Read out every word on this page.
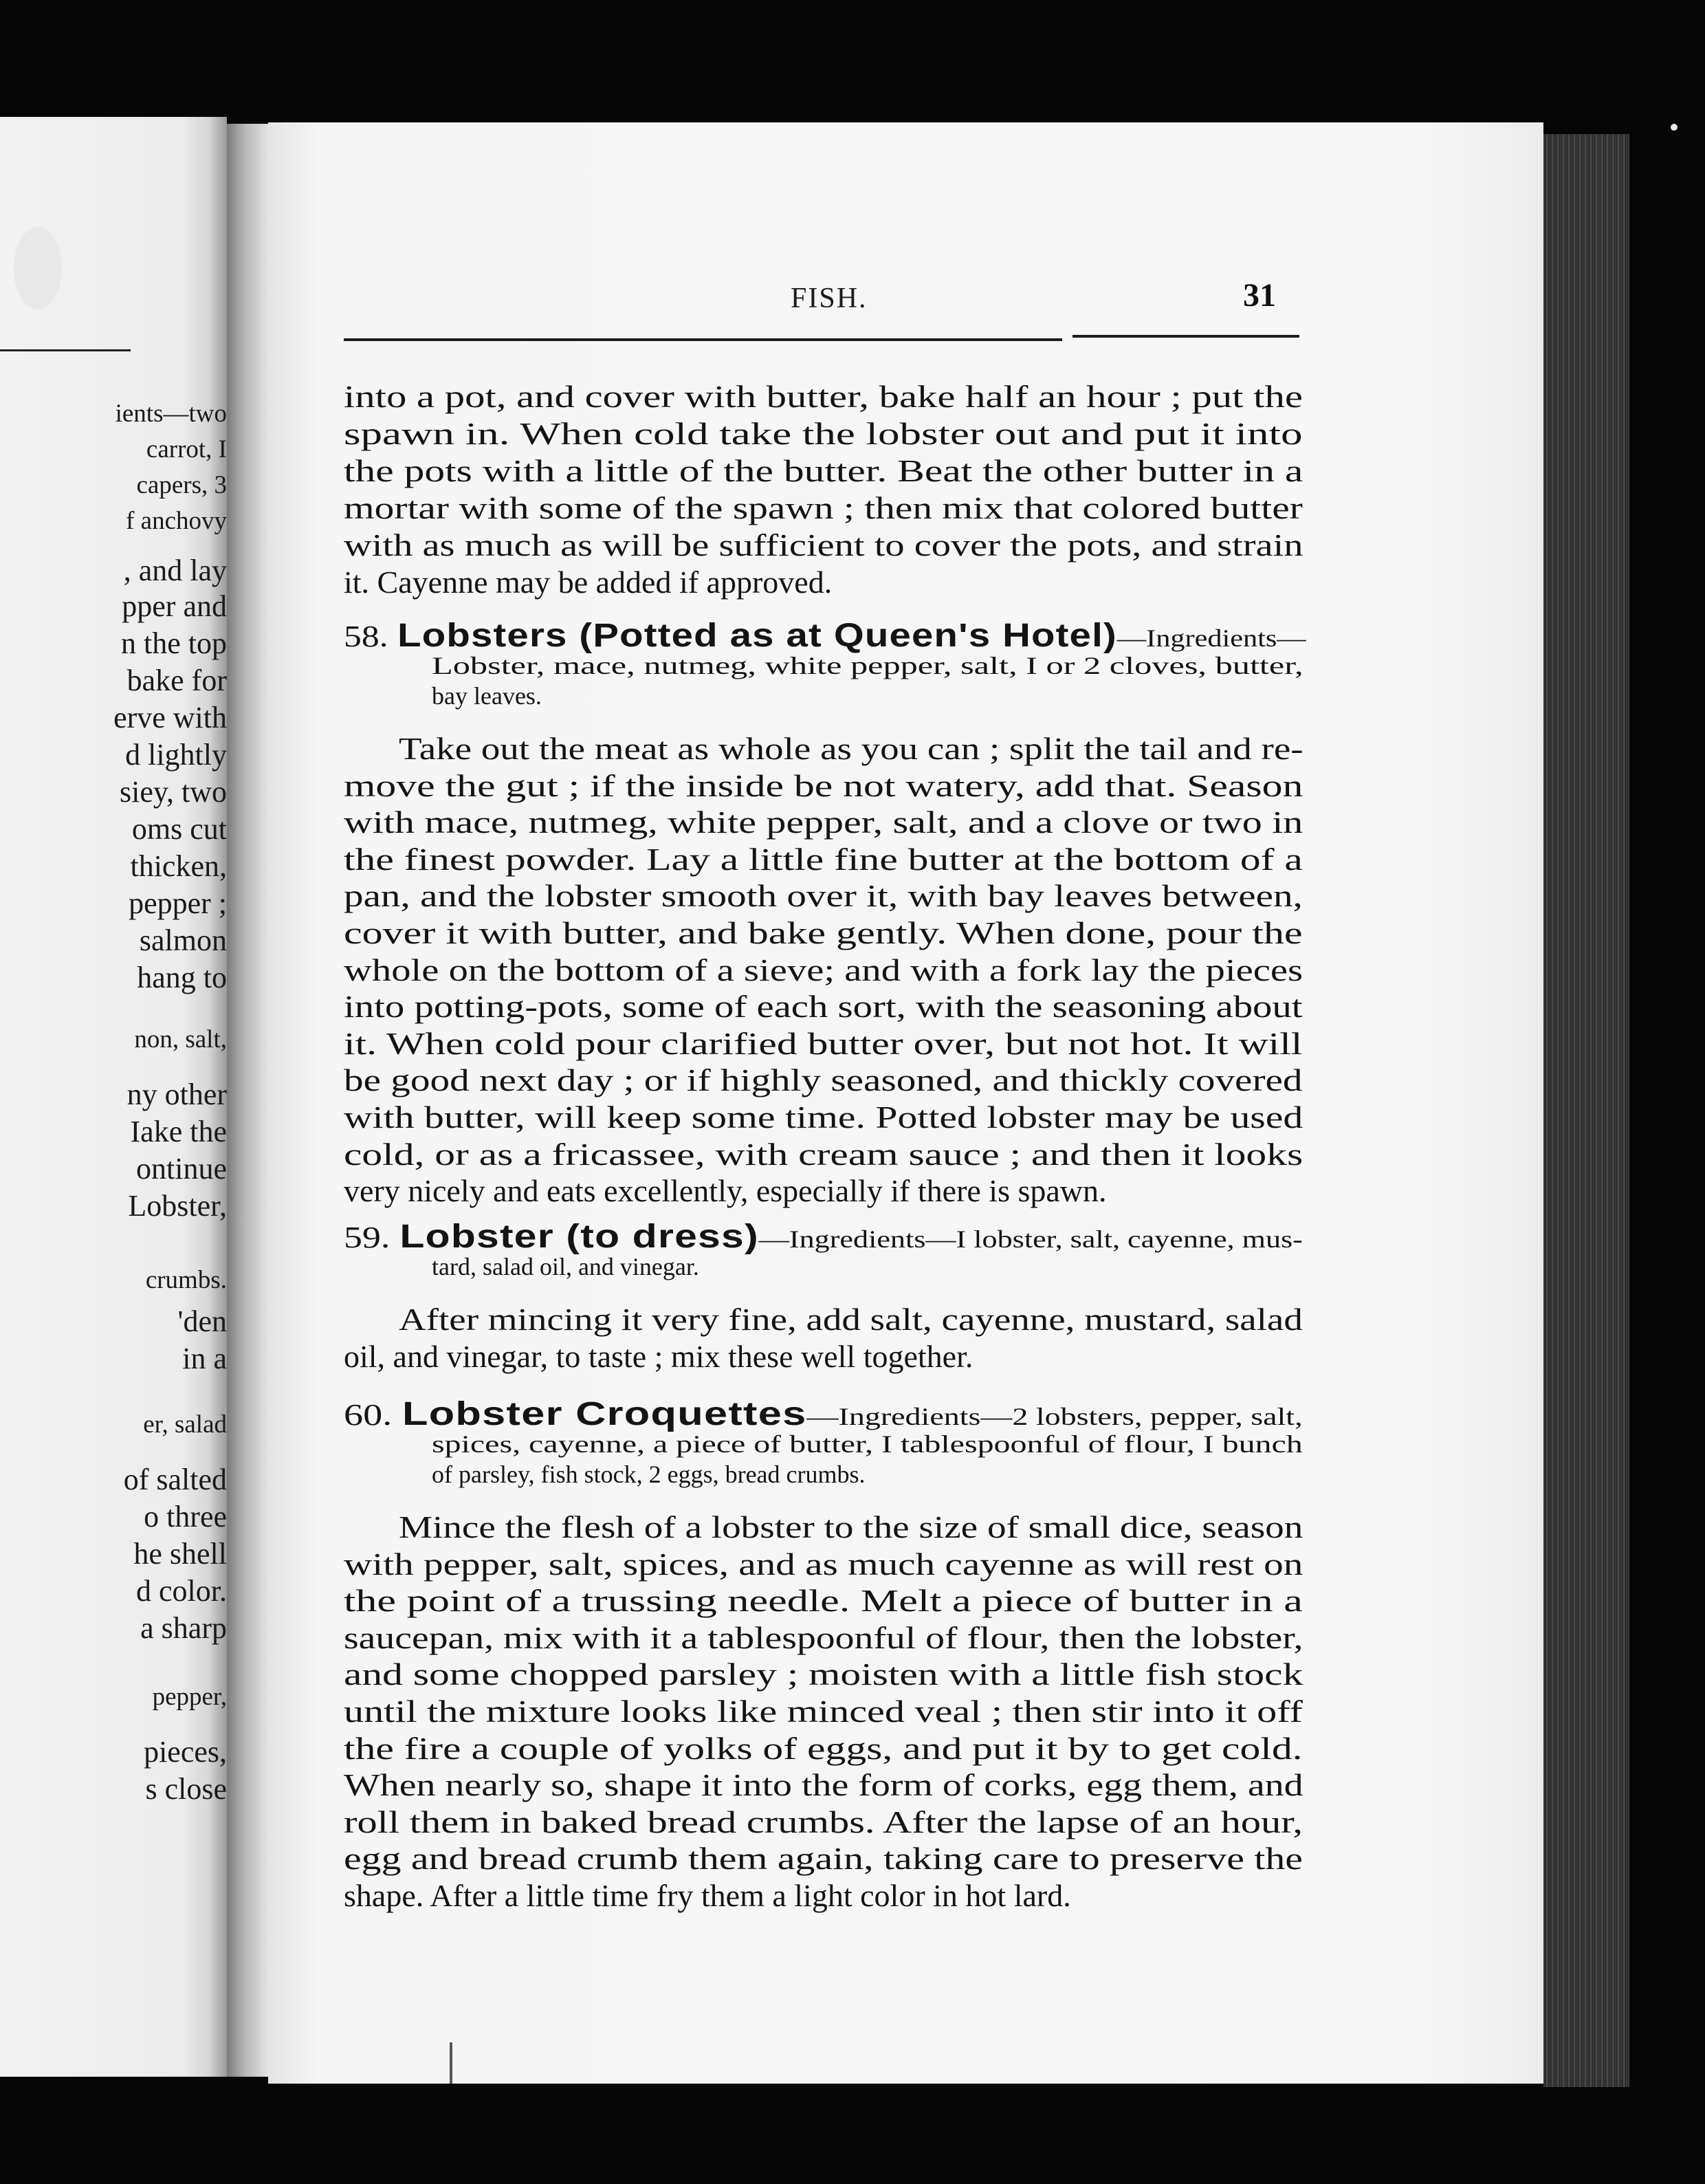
ients—two
carrot, I
capers, 3
f anchovy
, and lay
pper and
n the top
bake for
erve with
d lightly
siey, two
oms cut
thicken,
pepper ;
salmon
hang to
non, salt,
ny other
Iake the
ontinue
Lobster,
crumbs.
'den
in a
er, salad
of salted
o three
he shell
d color.
a sharp
pepper,
pieces,
s close
FISH.	31
into a pot, and cover with butter, bake half an hour ; put the
spawn in. When cold take the lobster out and put it into
the pots with a little of the butter. Beat the other butter in a
mortar with some of the spawn ; then mix that colored butter
with as much as will be sufficient to cover the pots, and strain
it. Cayenne may be added if approved.
58. Lobsters (Potted as at Queen's Hotel)—Ingredients—
Lobster, mace, nutmeg, white pepper, salt, I or 2 cloves, butter,
bay leaves.
Take out the meat as whole as you can ; split the tail and re-
move the gut ; if the inside be not watery, add that. Season
with mace, nutmeg, white pepper, salt, and a clove or two in
the finest powder. Lay a little fine butter at the bottom of a
pan, and the lobster smooth over it, with bay leaves between,
cover it with butter, and bake gently. When done, pour the
whole on the bottom of a sieve; and with a fork lay the pieces
into potting-pots, some of each sort, with the seasoning about
it. When cold pour clarified butter over, but not hot. It will
be good next day ; or if highly seasoned, and thickly covered
with butter, will keep some time. Potted lobster may be used
cold, or as a fricassee, with cream sauce ; and then it looks
very nicely and eats excellently, especially if there is spawn.
59. Lobster (to dress)—Ingredients—I lobster, salt, cayenne, mus-
tard, salad oil, and vinegar.
After mincing it very fine, add salt, cayenne, mustard, salad
oil, and vinegar, to taste ; mix these well together.
60. Lobster Croquettes—Ingredients—2 lobsters, pepper, salt,
spices, cayenne, a piece of butter, I tablespoonful of flour, I bunch
of parsley, fish stock, 2 eggs, bread crumbs.
Mince the flesh of a lobster to the size of small dice, season
with pepper, salt, spices, and as much cayenne as will rest on
the point of a trussing needle. Melt a piece of butter in a
saucepan, mix with it a tablespoonful of flour, then the lobster,
and some chopped parsley ; moisten with a little fish stock
until the mixture looks like minced veal ; then stir into it off
the fire a couple of yolks of eggs, and put it by to get cold.
When nearly so, shape it into the form of corks, egg them, and
roll them in baked bread crumbs. After the lapse of an hour,
egg and bread crumb them again, taking care to preserve the
shape. After a little time fry them a light color in hot lard.
